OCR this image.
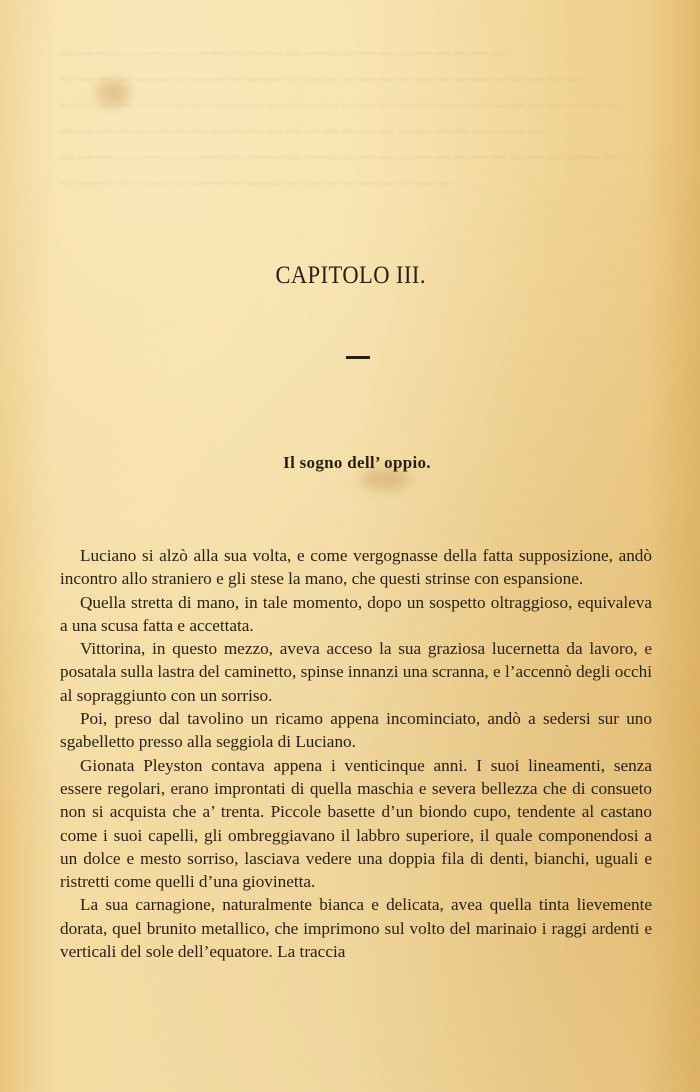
— — — — — — — — — — — — — — — — — — — — — — — —
— — — — — — — — — — — — — — — — — — — — — — — — — — — —
— — — — — — — — — — — — — — — — — — — — — — — — — — — — — —
— — — — — — — — — — — — — — — — — — — — — — — — — —
— — — — — — — — — — — — — — — — — — — — — — — — — — — — — —
— — — — — — — — — — — — — — — — — — — — —
CAPITOLO III.
Il sogno dell’ oppio.

Luciano si alzò alla sua volta, e come vergognasse della fatta supposizione, andò incontro allo straniero e gli stese la mano, che questi strinse con espansione.

Quella stretta di mano, in tale momento, dopo un sospetto oltraggioso, equivaleva a una scusa fatta e accettata.

Vittorina, in questo mezzo, aveva acceso la sua graziosa lucernetta da lavoro, e posatala sulla lastra del caminetto, spinse innanzi una scranna, e l’accennò degli occhi al sopraggiunto con un sorriso.

Poi, preso dal tavolino un ricamo appena incominciato, andò a sedersi sur uno sgabelletto presso alla seggiola di Luciano.

Gionata Pleyston contava appena i venticinque anni. I suoi lineamenti, senza essere regolari, erano improntati di quella maschia e severa bellezza che di consueto non si acquista che a’ trenta. Piccole basette d’un biondo cupo, tendente al castano come i suoi capelli, gli ombreggiavano il labbro superiore, il quale componendosi a un dolce e mesto sorriso, lasciava vedere una doppia fila di denti, bianchi, uguali e ristretti come quelli d’una giovinetta.

La sua carnagione, naturalmente bianca e delicata, avea quella tinta lievemente dorata, quel brunito metallico, che imprimono sul volto del marinaio i raggi ardenti e verticali del sole dell’equatore. La traccia
